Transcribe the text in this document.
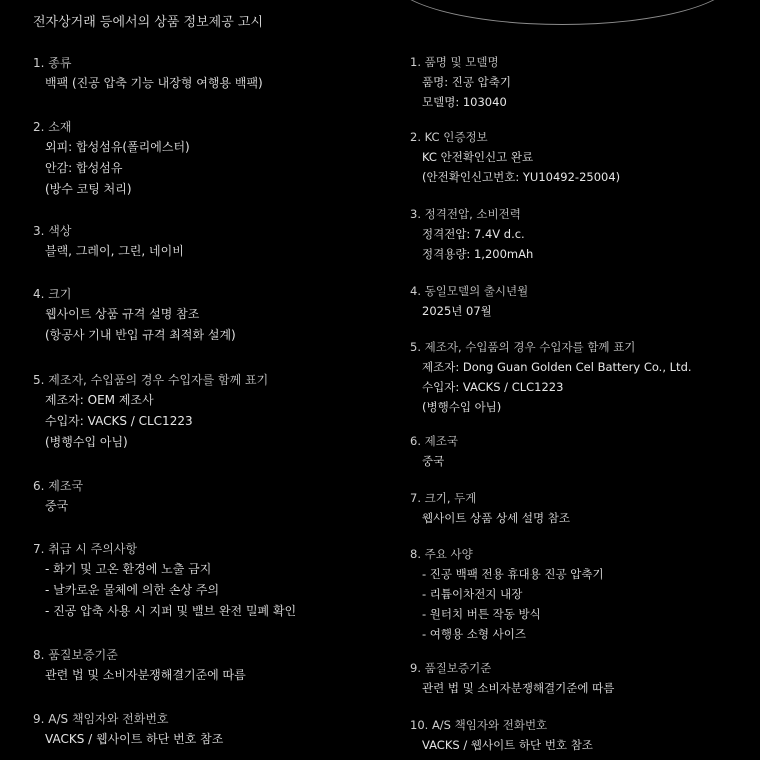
전자상거래 등에서의 상품 정보제공 고시
1. 종류
백팩 (진공 압축 기능 내장형 여행용 백팩)
2. 소재
외피: 합성섬유(폴리에스터)
안감: 합성섬유
(방수 코팅 처리)
3. 색상
블랙, 그레이, 그린, 네이비
4. 크기
웹사이트 상품 규격 설명 참조
(항공사 기내 반입 규격 최적화 설계)
5. 제조자, 수입품의 경우 수입자를 함께 표기
제조자: OEM 제조사
수입자: VACKS / CLC1223
(병행수입 아님)
6. 제조국
중국
7. 취급 시 주의사항
- 화기 및 고온 환경에 노출 금지
- 날카로운 물체에 의한 손상 주의
- 진공 압축 사용 시 지퍼 및 밸브 완전 밀폐 확인
8. 품질보증기준
관련 법 및 소비자분쟁해결기준에 따름
9. A/S 책임자와 전화번호
VACKS / 웹사이트 하단 번호 참조
1. 품명 및 모델명
품명: 진공 압축기
모델명: 103040
2. KC 인증정보
KC 안전확인신고 완료
(안전확인신고번호: YU10492-25004)
3. 정격전압, 소비전력
정격전압: 7.4V d.c.
정격용량: 1,200mAh
4. 동일모델의 출시년월
2025년 07월
5. 제조자, 수입품의 경우 수입자를 함께 표기
제조자: Dong Guan Golden Cel Battery Co., Ltd.
수입자: VACKS / CLC1223
(병행수입 아님)
6. 제조국
중국
7. 크기, 두게
웹사이트 상품 상세 설명 참조
8. 주요 사양
- 진공 백팩 전용 휴대용 진공 압축기
- 리튬이차전지 내장
- 원터치 버튼 작동 방식
- 여행용 소형 사이즈
9. 품질보증기준
관련 법 및 소비자분쟁해결기준에 따름
10. A/S 책임자와 전화번호
VACKS / 웹사이트 하단 번호 참조
